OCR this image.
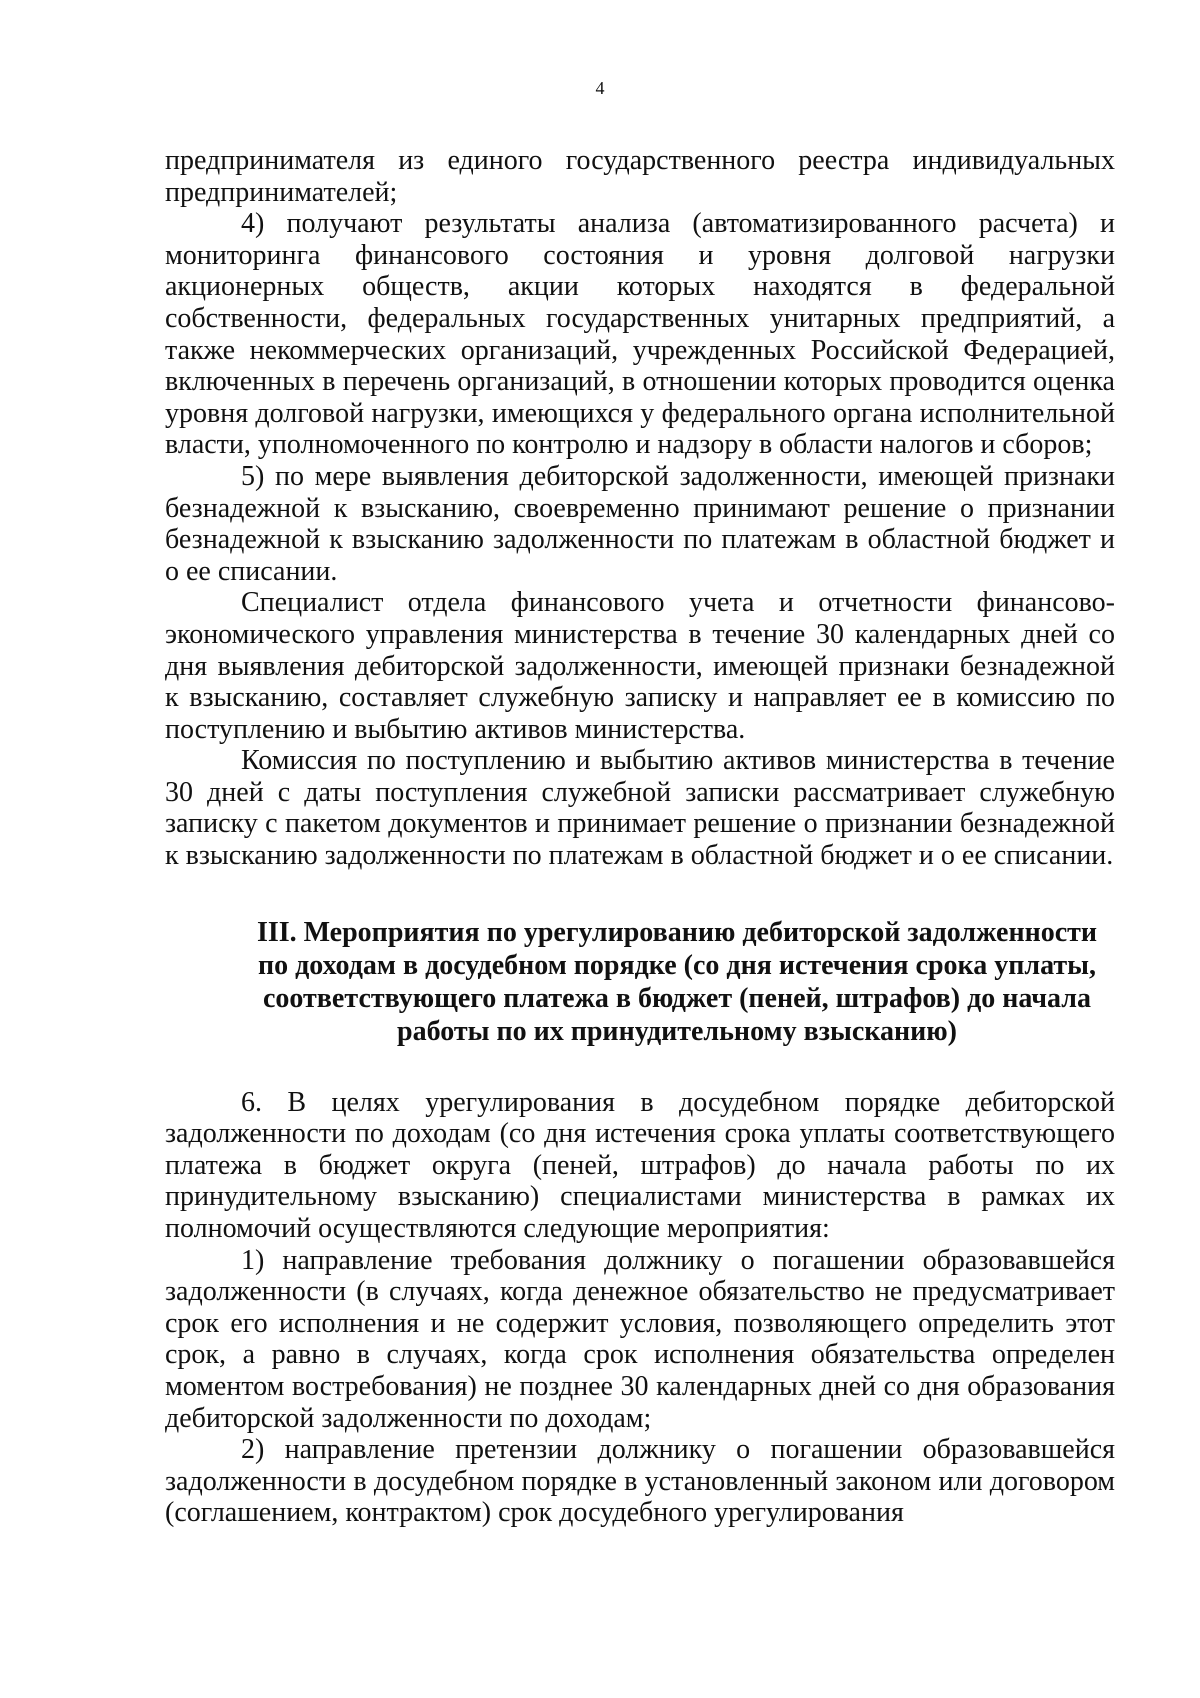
4

предпринимателя из единого государственного реестра индивидуальных предпринимателей;

4) получают результаты анализа (автоматизированного расчета) и мониторинга финансового состояния и уровня долговой нагрузки акционерных обществ, акции которых находятся в федеральной собственности, федеральных государственных унитарных предприятий, а также некоммерческих организаций, учрежденных Российской Федерацией, включенных в перечень организаций, в отношении которых проводится оценка уровня долговой нагрузки, имеющихся у федерального органа исполнительной власти, уполномоченного по контролю и надзору в области налогов и сборов;

5) по мере выявления дебиторской задолженности, имеющей признаки безнадежной к взысканию, своевременно принимают решение о признании безнадежной к взысканию задолженности по платежам в областной бюджет и о ее списании.

Специалист отдела финансового учета и отчетности финансово-экономического управления министерства в течение 30 календарных дней со дня выявления дебиторской задолженности, имеющей признаки безнадежной к взысканию, составляет служебную записку и направляет ее в комиссию по поступлению и выбытию активов министерства.

Комиссия по поступлению и выбытию активов министерства в течение 30 дней с даты поступления служебной записки рассматривает служебную записку с пакетом документов и принимает решение о признании безнадежной к взысканию задолженности по платежам в областной бюджет и о ее списании.

III. Мероприятия по урегулированию дебиторской задолженности
по доходам в досудебном порядке (со дня истечения срока уплаты,
соответствующего платежа в бюджет (пеней, штрафов) до начала
работы по их принудительному взысканию)

6. В целях урегулирования в досудебном порядке дебиторской задолженности по доходам (со дня истечения срока уплаты соответствующего платежа в бюджет округа (пеней, штрафов) до начала работы по их принудительному взысканию) специалистами министерства в рамках их полномочий осуществляются следующие мероприятия:

1) направление требования должнику о погашении образовавшейся задолженности (в случаях, когда денежное обязательство не предусматривает срок его исполнения и не содержит условия, позволяющего определить этот срок, а равно в случаях, когда срок исполнения обязательства определен моментом востребования) не позднее 30 календарных дней со дня образования дебиторской задолженности по доходам;

2) направление претензии должнику о погашении образовавшейся задолженности в досудебном порядке в установленный законом или договором (соглашением, контрактом) срок досудебного урегулирования
